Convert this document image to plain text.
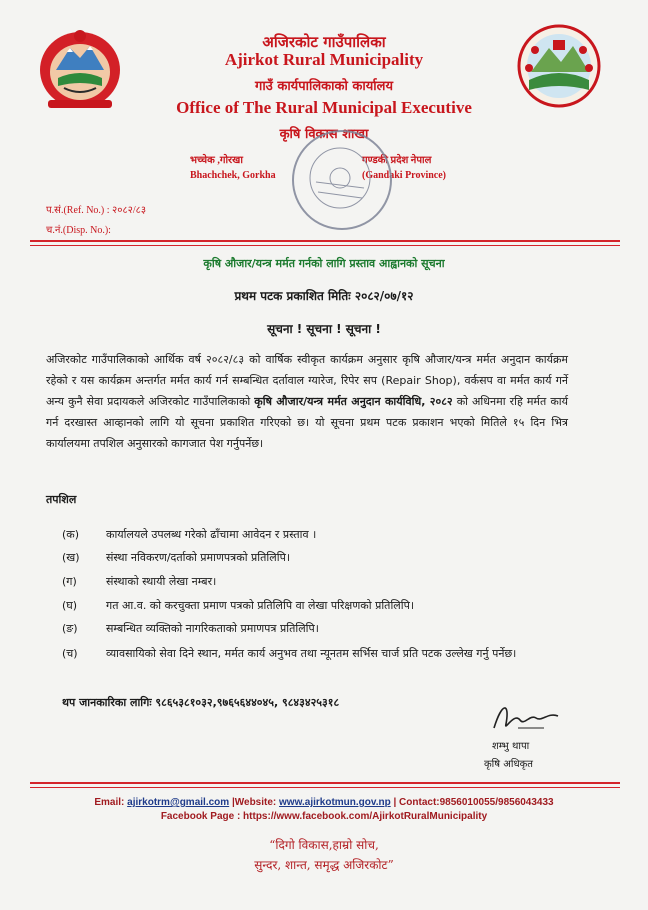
अजिरकोट गाउँपालिका
Ajirkot Rural Municipality
गाउँ कार्यपालिकाको कार्यालय
Office of The Rural Municipal Executive
कृषि विकास शाखा
भच्चेक ,गोरखा
Bhachchek, Gorkha
गण्डकी प्रदेश नेपाल
(Gandaki Province)
प.सं.(Ref. No.) : २०८२/८३
च.नं.(Disp. No.):
कृषि औजार/यन्त्र मर्मत गर्नको लागि प्रस्ताव आह्वानको सूचना
प्रथम पटक प्रकाशित मितिः २०८२/०७/१२
सूचना ! सूचना ! सूचना !
अजिरकोट गाउँपालिकाको आर्थिक वर्ष २०८२/८३ को वार्षिक स्वीकृत कार्यक्रम अनुसार कृषि औजार/यन्त्र मर्मत अनुदान कार्यक्रम रहेको र यस कार्यक्रम अन्तर्गत मर्मत कार्य गर्न सम्बन्धित दर्तावाल ग्यारेज, रिपेर सप (Repair Shop), वर्कसप वा मर्मत कार्य गर्ने अन्य कुनै सेवा प्रदायकले अजिरकोट गाउँपालिकाको कृषि औजार/यन्त्र मर्मत अनुदान कार्यविधि, २०८२ को अधिनमा रहि मर्मत कार्य गर्न दरखास्त आव्हानको लागि यो सूचना प्रकाशित गरिएको छ। यो सूचना प्रथम पटक प्रकाशन भएको मितिले १५ दिन भित्र कार्यालयमा तपशिल अनुसारको कागजात पेश गर्नुपर्नेछ।
तपशिल
(क) कार्यालयले उपलब्ध गरेको ढाँचामा आवेदन र प्रस्ताव ।
(ख) संस्था नविकरण/दर्ताको प्रमाणपत्रको प्रतिलिपि।
(ग)	संस्थाको स्थायी लेखा नम्बर।
(घ)	गत आ.व. को करचुक्ता प्रमाण पत्रको प्रतिलिपि वा लेखा परिक्षणको प्रतिलिपि।
(ङ)	सम्बन्धित व्यक्तिको नागरिकताको प्रमाणपत्र प्रतिलिपि।
(च)	व्यावसायिको सेवा दिने स्थान, मर्मत कार्य अनुभव तथा न्यूनतम सर्भिस चार्ज प्रति पटक उल्लेख गर्नु पर्नेछ।
थप जानकारिका लागिः ९८६५३८१०३२,९७६५६४४०४५, ९८४३४२५३१८
शम्भु थापा
कृषि अधिकृत
Email: ajirkotrm@gmail.com |Website: www.ajirkotmun.gov.np | Contact:9856010055/9856043433
Facebook Page : https://www.facebook.com/AjirkotRuralMunicipality
“दिगो विकास,हाम्रो सोच,
सुन्दर, शान्त, समृद्ध अजिरकोट”
